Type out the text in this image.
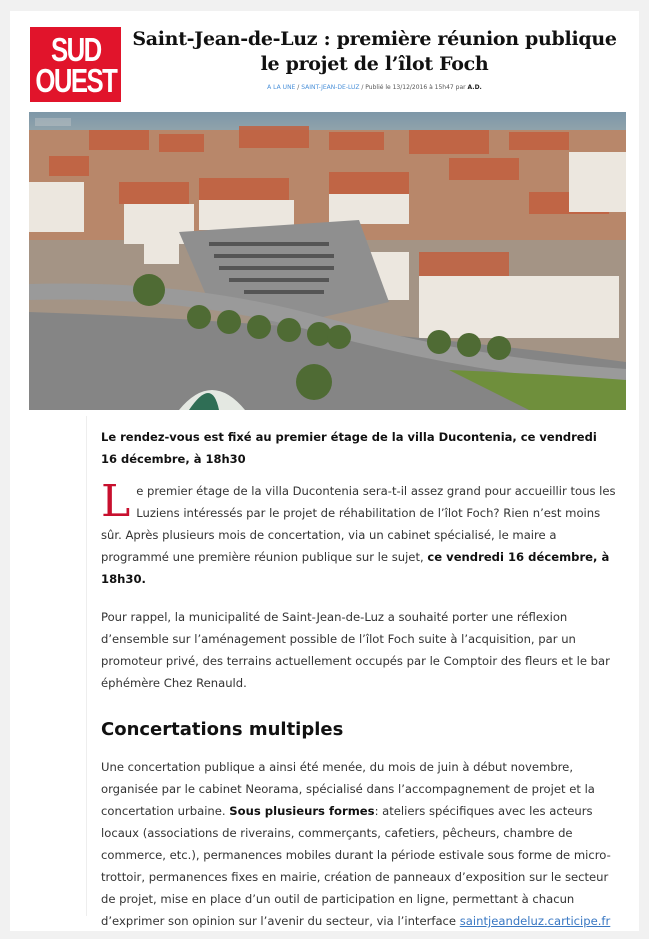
SUD
OUEST
Saint-Jean-de-Luz : première réunion publique
le projet de l’îlot Foch
A LA UNE / SAINT-JEAN-DE-LUZ / Publié le 13/12/2016 à 15h47 par A.D.

Le rendez-vous est fixé au premier étage de la villa Ducontenia, ce vendredi 16 décembre, à 18h30

Le premier étage de la villa Ducontenia sera-t-il assez grand pour accueillir tous les Luziens intéressés par le projet de réhabilitation de l’îlot Foch? Rien n’est moins sûr. Après plusieurs mois de concertation, via un cabinet spécialisé, le maire a programmé une première réunion publique sur le sujet, ce vendredi 16 décembre, à 18h30.

Pour rappel, la municipalité de Saint-Jean-de-Luz a souhaité porter une réflexion d’ensemble sur l’aménagement possible de l’îlot Foch suite à l’acquisition, par un promoteur privé, des terrains actuellement occupés par le Comptoir des fleurs et le bar éphémère Chez Renauld.

Concertations multiples

Une concertation publique a ainsi été menée, du mois de juin à début novembre, organisée par le cabinet Neorama, spécialisé dans l’accompagnement de projet et la concertation urbaine. Sous plusieurs formes: ateliers spécifiques avec les acteurs locaux (associations de riverains, commerçants, cafetiers, pêcheurs, chambre de commerce, etc.), permanences mobiles durant la période estivale sous forme de micro-trottoir, permanences fixes en mairie, création de panneaux d’exposition sur le secteur de projet, mise en place d’un outil de participation en ligne, permettant à chacun d’exprimer son opinion sur l’avenir du secteur, via l’interface saintjeandeluz.carticipe.fr
